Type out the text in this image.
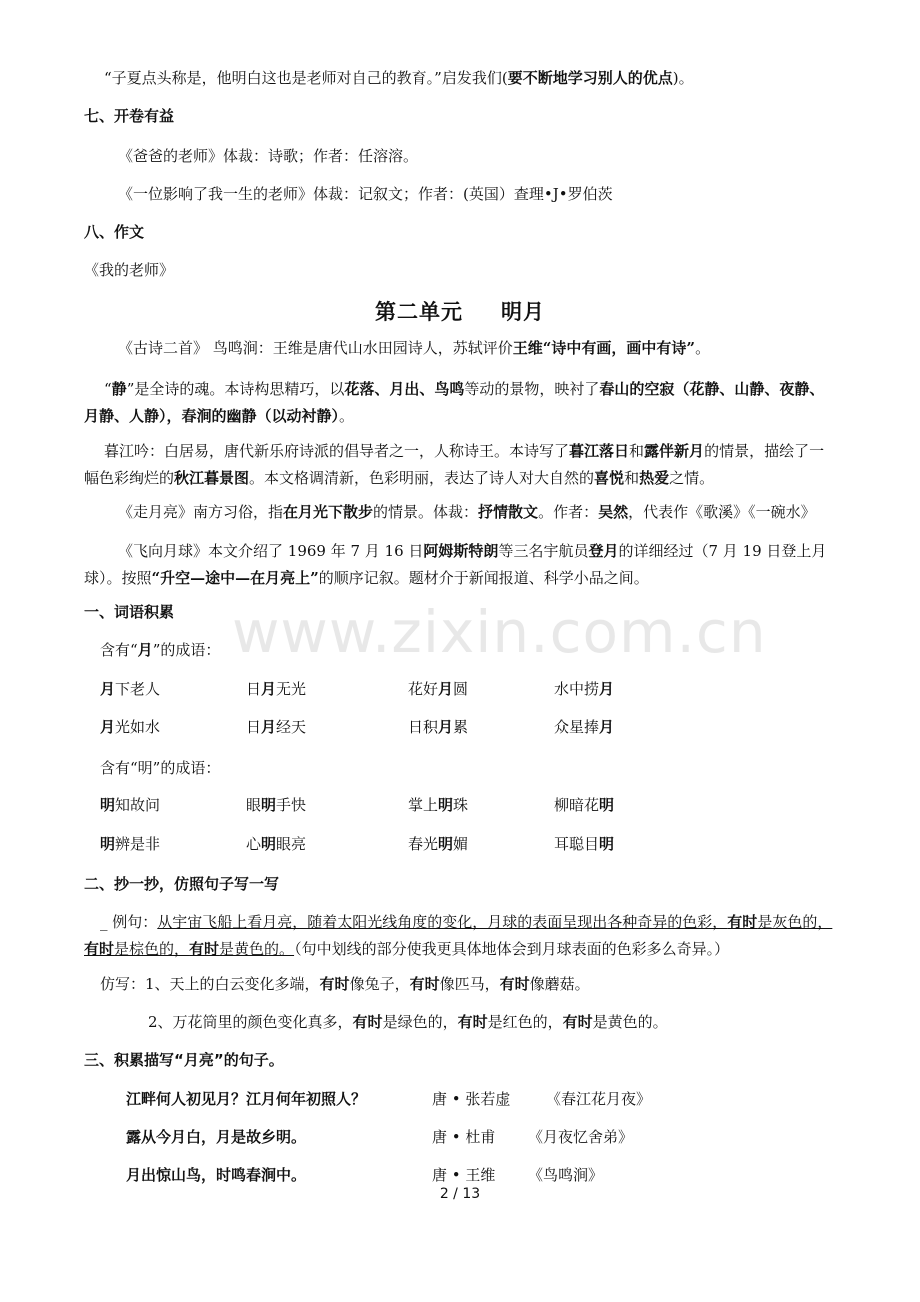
www.zixin.com.cn
“子夏点头称是，他明白这也是老师对自己的教育。”启发我们(要不断地学习别人的优点)。
七、开卷有益
《爸爸的老师》体裁：诗歌；作者：任溶溶。
《一位影响了我一生的老师》体裁：记叙文；作者：(英国）查理•J•罗伯茨
八、作文
《我的老师》
第二单元 明月
《古诗二首》 鸟鸣涧：王维是唐代山水田园诗人，苏轼评价王维“诗中有画，画中有诗”。
“静”是全诗的魂。本诗构思精巧，以花落、月出、鸟鸣等动的景物，映衬了春山的空寂（花静、山静、夜静、月静、人静），春涧的幽静（以动衬静）。
暮江吟：白居易，唐代新乐府诗派的倡导者之一，人称诗王。本诗写了暮江落日和露伴新月的情景，描绘了一幅色彩绚烂的秋江暮景图。本文格调清新，色彩明丽，表达了诗人对大自然的喜悦和热爱之情。
《走月亮》南方习俗，指在月光下散步的情景。体裁：抒情散文。作者：吴然，代表作《歌溪》《一碗水》
《飞向月球》本文介绍了 1969 年 7 月 16 日阿姆斯特朗等三名宇航员登月的详细经过（7 月 19 日登上月球）。按照“升空—途中—在月亮上”的顺序记叙。题材介于新闻报道、科学小品之间。
一、词语积累
含有“月”的成语：
月下老人	日月无光	花好月圆	水中捞月
月光如水	日月经天	日积月累	众星捧月
含有“明”的成语：
明知故问	眼明手快	掌上明珠	柳暗花明
明辨是非	心明眼亮	春光明媚	耳聪目明
二、抄一抄，仿照句子写一写
_ 例句：从宇宙飞船上看月亮，随着太阳光线角度的变化，月球的表面呈现出各种奇异的色彩，有时是灰色的，有时是棕色的，有时是黄色的。（句中划线的部分使我更具体地体会到月球表面的色彩多么奇异。）
仿写：1、天上的白云变化多端，有时像兔子，有时像匹马，有时像蘑菇。
2、万花筒里的颜色变化真多，有时是绿色的，有时是红色的，有时是黄色的。
三、积累描写“月亮”的句子。
江畔何人初见月？江月何年初照人？	唐 • 张若虚 《春江花月夜》
露从今月白，月是故乡明。	唐 • 杜甫 《月夜忆舍弟》
月出惊山鸟，时鸣春涧中。	唐 • 王维 《鸟鸣涧》
2 / 13
